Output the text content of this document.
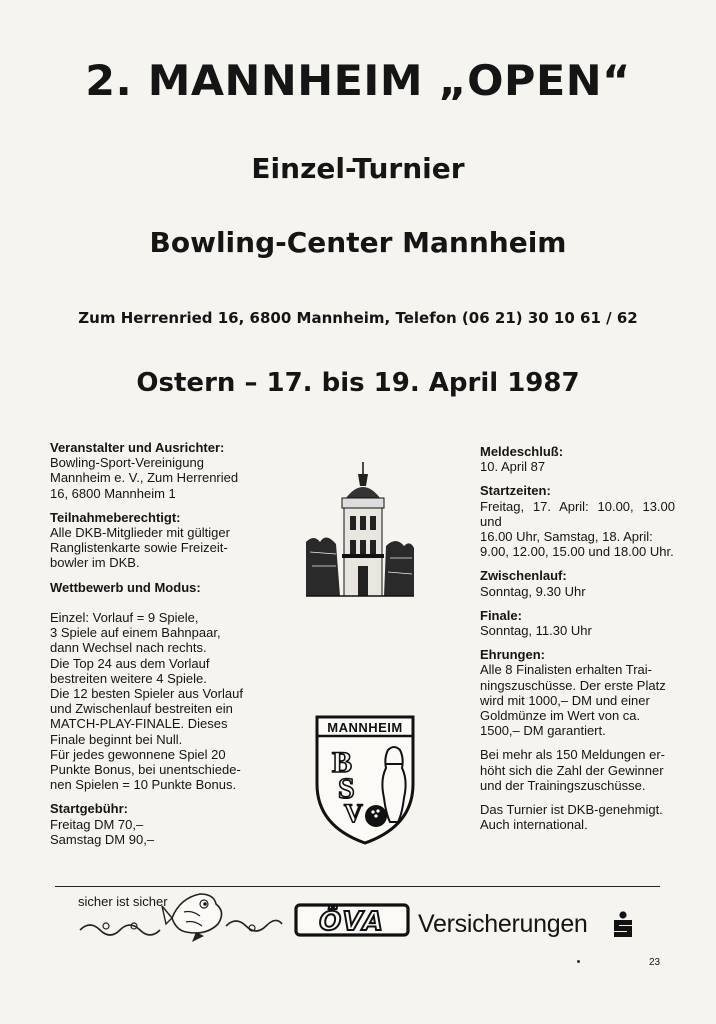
2. MANNHEIM „OPEN“
Einzel-Turnier
Bowling-Center Mannheim
Zum Herrenried 16, 6800 Mannheim, Telefon (06 21) 30 10 61 / 62
Ostern – 17. bis 19. April 1987
Veranstalter und Ausrichter:
Bowling-Sport-Vereinigung
Mannheim e. V., Zum Herrenried
16, 6800 Mannheim 1
Teilnahmeberechtigt:
Alle DKB-Mitglieder mit gültiger
Ranglistenkarte sowie Freizeit-
bowler im DKB.
Wettbewerb und Modus:

Einzel: Vorlauf = 9 Spiele,
3 Spiele auf einem Bahnpaar,
dann Wechsel nach rechts.
Die Top 24 aus dem Vorlauf
bestreiten weitere 4 Spiele.
Die 12 besten Spieler aus Vorlauf
und Zwischenlauf bestreiten ein
MATCH-PLAY-FINALE. Dieses
Finale beginnt bei Null.
Für jedes gewonnene Spiel 20
Punkte Bonus, bei unentschiede-
nen Spielen = 10 Punkte Bonus.
Startgebühr:
Freitag DM 70,–
Samstag DM 90,–
Meldeschluß:
10. April 87
Startzeiten:
Freitag, 17. April: 10.00, 13.00 und
16.00 Uhr, Samstag, 18. April:
9.00, 12.00, 15.00 und 18.00 Uhr.
Zwischenlauf:
Sonntag, 9.30 Uhr
Finale:
Sonntag, 11.30 Uhr
Ehrungen:
Alle 8 Finalisten erhalten Trai-
ningszuschüsse. Der erste Platz
wird mit 1000,– DM und einer
Goldmünze im Wert von ca.
1500,– DM garantiert.
Bei mehr als 150 Meldungen er-
höht sich die Zahl der Gewinner
und der Trainingszuschüsse.
Das Turnier ist DKB-genehmigt.
Auch international.
MANNHEIM
B
S
V
sicher ist sicher
ÖVA Versicherungen
23
